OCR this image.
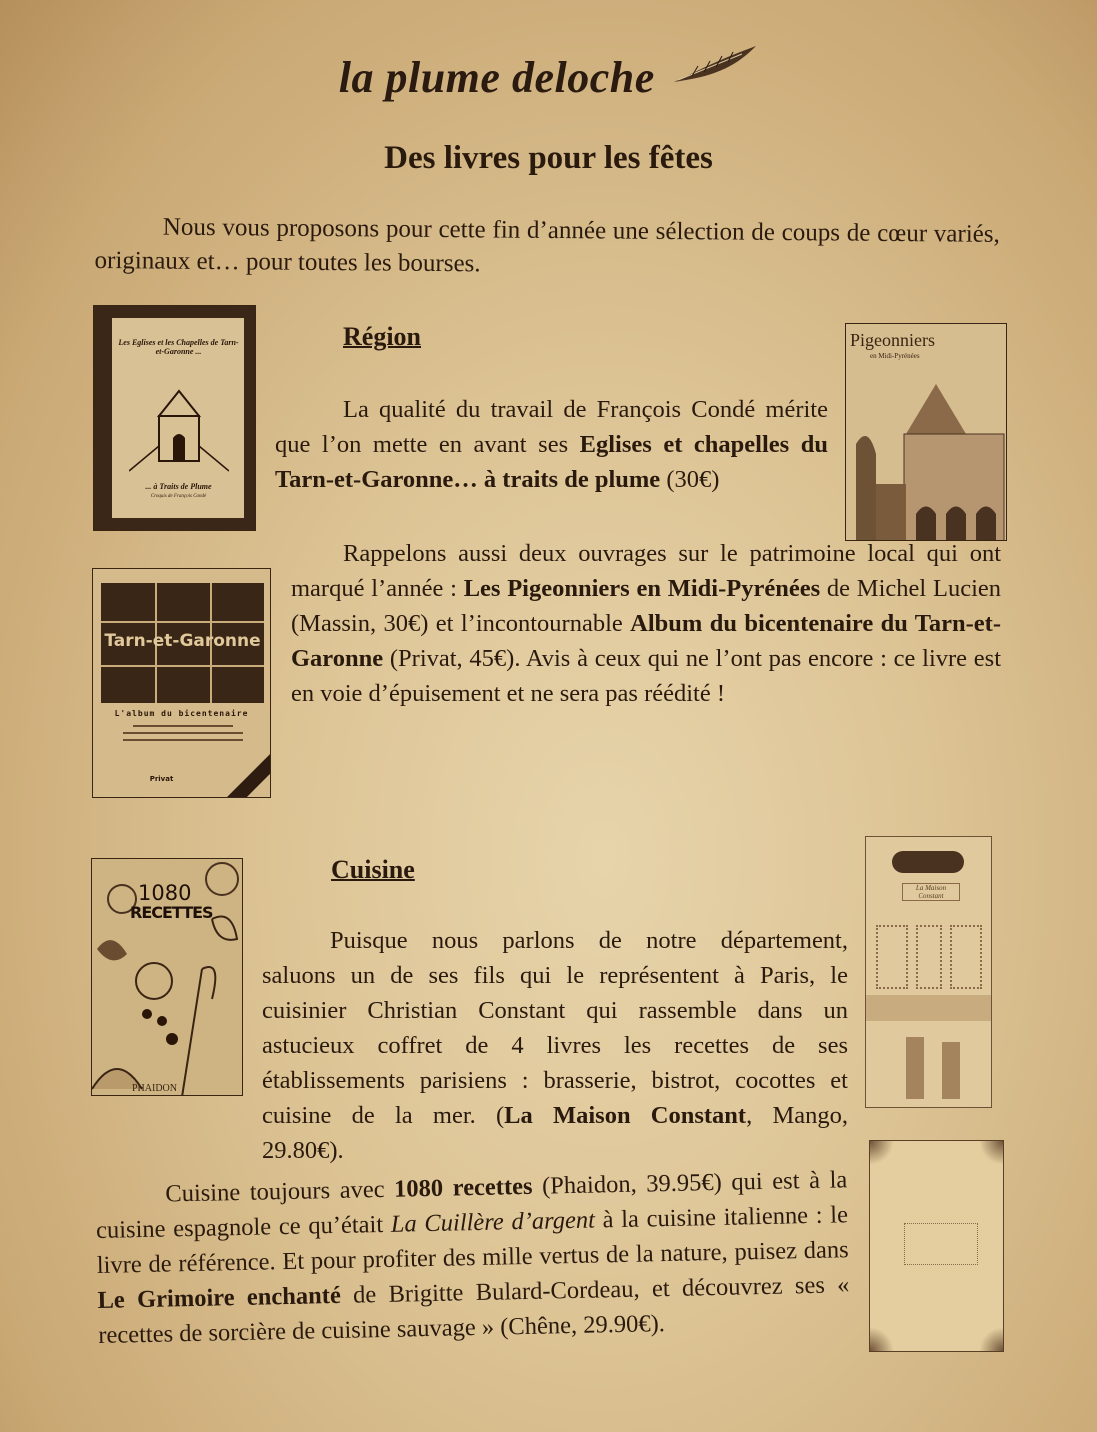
la plume deloche
Des livres pour les fêtes

Nous vous proposons pour cette fin d’année une sélection de coups de cœur variés, originaux et… pour toutes les bourses.

Les Eglises et les Chapelles de Tarn-et-Garonne ...
... à Traits de Plume
Croquis de François Condé
Région	Pigeonniers
en Midi-Pyrénées

La qualité du travail de François Condé mérite que l’on mette en avant ses Eglises et chapelles du Tarn-et-Garonne… à traits de plume (30€)

Tarn-et-Garonne
L'album du bicentenaire
Privat

Rappelons aussi deux ouvrages sur le patrimoine local qui ont marqué l’année : Les Pigeonniers en Midi-Pyrénées de Michel Lucien (Massin, 30€) et l’incontournable Album du bicentenaire du Tarn-et-Garonne (Privat, 45€). Avis à ceux qui ne l’ont pas encore : ce livre est en voie d’épuisement et ne sera pas réédité !

1080
RECETTES
PHAIDON
Cuisine
La Maison Constant

Puisque nous parlons de notre département, saluons un de ses fils qui le représentent à Paris, le cuisinier Christian Constant qui rassemble dans un astucieux coffret de 4 livres les recettes de ses établissements parisiens : brasserie, bistrot, cocottes et cuisine de la mer. (La Maison Constant, Mango, 29.80€).

Cuisine toujours avec 1080 recettes (Phaidon, 39.95€) qui est à la cuisine espagnole ce qu’était La Cuillère d’argent à la cuisine italienne : le livre de référence. Et pour profiter des mille vertus de la nature, puisez dans Le Grimoire enchanté de Brigitte Bulard-Cordeau, et découvrez ses « recettes de sorcière de cuisine sauvage » (Chêne, 29.90€).
